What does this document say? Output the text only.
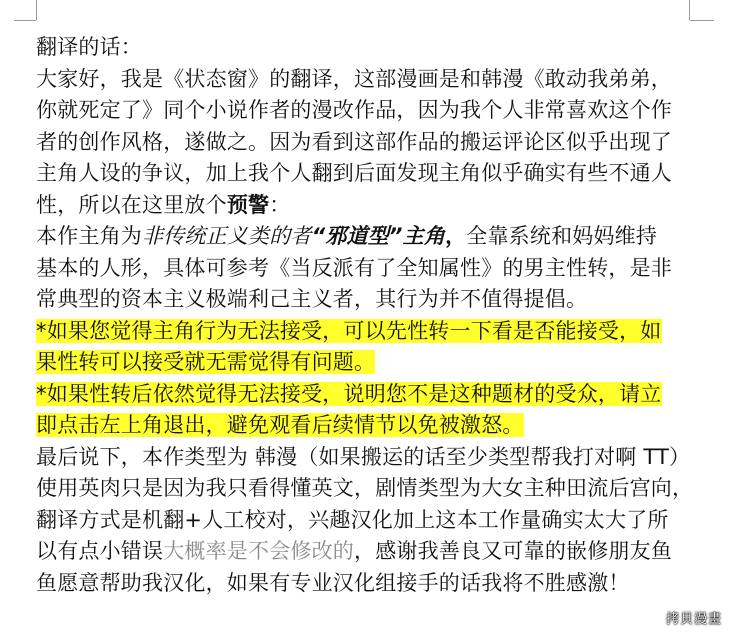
翻译的话：
大家好，我是《状态窗》的翻译，这部漫画是和韩漫《敢动我弟弟，
你就死定了》同个小说作者的漫改作品，因为我个人非常喜欢这个作
者的创作风格，遂做之。因为看到这部作品的搬运评论区似乎出现了
主角人设的争议，加上我个人翻到后面发现主角似乎确实有些不通人
性，所以在这里放个预警：
本作主角为非传统正义类的者“邪道型”主角，全靠系统和妈妈维持
基本的人形，具体可参考《当反派有了全知属性》的男主性转，是非
常典型的资本主义极端利己主义者，其行为并不值得提倡。
*如果您觉得主角行为无法接受，可以先性转一下看是否能接受，如
果性转可以接受就无需觉得有问题。
*如果性转后依然觉得无法接受，说明您不是这种题材的受众，请立
即点击左上角退出，避免观看后续情节以免被激怒。
最后说下，本作类型为 韩漫（如果搬运的话至少类型帮我打对啊 TT）
使用英肉只是因为我只看得懂英文，剧情类型为大女主种田流后宫向，
翻译方式是机翻+人工校对，兴趣汉化加上这本工作量确实太大了所
以有点小错误大概率是不会修改的，感谢我善良又可靠的嵌修朋友鱼
鱼愿意帮助我汉化，如果有专业汉化组接手的话我将不胜感激！
拷貝漫畫
